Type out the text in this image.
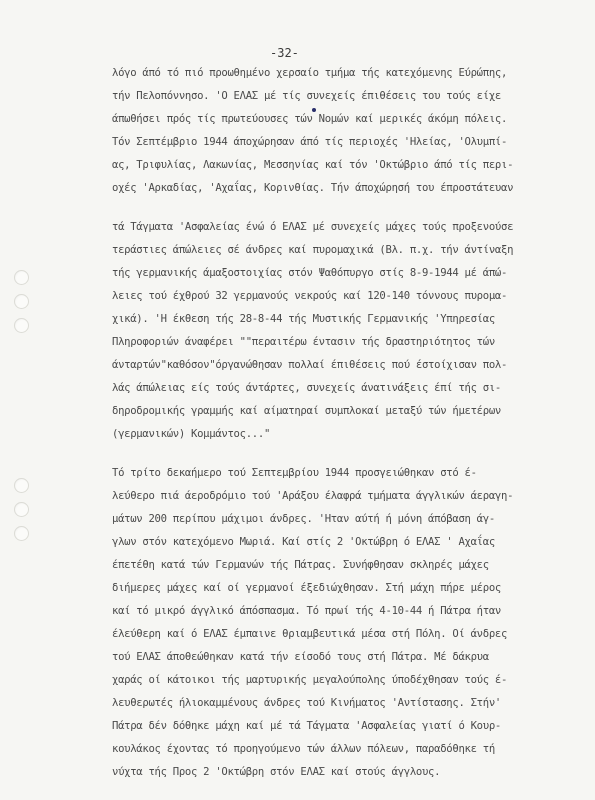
-32-
λόγο άπό τό πιό προωθημένο χερσαίο τμήμα τής κατεχόμενης Εύρώπης,
τήν Πελοπόννησο. 'Ο ΕΛΑΣ μέ τίς συνεχείς έπιθέσεις του τούς είχε
άπωθήσει πρός τίς πρωτεύουσες τών Νομών καί μερικές άκόμη πόλεις.
Τόν Σεπτέμβριο 1944 άποχώρησαν άπό τίς περιοχές 'Ηλείας, 'Ολυμπί-
ας, Τριφυλίας, Λακωνίας, Μεσσηνίας καί τόν 'Οκτώβριο άπό τίς περι-
οχές 'Αρκαδίας, 'Αχαΐας, Κορινθίας. Τήν άποχώρησή του έπροστάτευαν
τά Τάγματα 'Ασφαλείας ένώ ό ΕΛΑΣ μέ συνεχείς μάχες τούς προξενούσε
τεράστιες άπώλειες σέ άνδρες καί πυρομαχικά (Βλ. π.χ. τήν άντίναξη
τής γερμανικής άμαξοστοιχίας στόν Ψαθόπυργο στίς 8-9-1944 μέ άπώ-
λειες τού έχθρού 32 γερμανούς νεκρούς καί 120-140 τόννους πυρομα-
χικά). 'Η έκθεση τής 28-8-44 τής Μυστικής Γερμανικής 'Υπηρεσίας
Πληροφοριών άναφέρει ""περαιτέρω έντασιν τής δραστηριότητος τών
άνταρτών"καθόσον"όργανώθησαν πολλαί έπιθέσεις πού έστοίχισαν πολ-
λάς άπώλειας είς τούς άντάρτες, συνεχείς άνατινάξεις έπί τής σι-
δηροδρομικής γραμμής καί αίματηραί συμπλοκαί μεταξύ τών ήμετέρων
(γερμανικών) Κομμάντος..."
Τό τρίτο δεκαήμερο τού Σεπτεμβρίου 1944 προσγειώθηκαν στό έ-
λεύθερο πιά άεροδρόμιο τού 'Αράξου έλαφρά τμήματα άγγλικών άεραγη-
μάτων 200 περίπου μάχιμοι άνδρες. 'Ηταν αύτή ή μόνη άπόβαση άγ-
γλων στόν κατεχόμενο Μωριά. Καί στίς 2 'Οκτώβρη ό ΕΛΑΣ ' Αχαΐας
έπετέθη κατά τών Γερμανών τής Πάτρας. Συνήφθησαν σκληρές μάχες
διήμερες μάχες καί οί γερμανοί έξεδιώχθησαν. Στή μάχη πήρε μέρος
καί τό μικρό άγγλικό άπόσπασμα. Τό πρωί τής 4-10-44 ή Πάτρα ήταν
έλεύθερη καί ό ΕΛΑΣ έμπαινε θριαμβευτικά μέσα στή Πόλη. Οί άνδρες
τού ΕΛΑΣ άποθεώθηκαν κατά τήν είσοδό τους στή Πάτρα. Μέ δάκρυα
χαράς οί κάτοικοι τής μαρτυρικής μεγαλούπολης ύποδέχθησαν τούς έ-
λευθερωτές ήλιοκαμμένους άνδρες τού Κινήματος 'Αντίστασης. Στήν'
Πάτρα δέν δόθηκε μάχη καί μέ τά Τάγματα 'Ασφαλείας γιατί ό Κουρ-
κουλάκος έχοντας τό προηγούμενο τών άλλων πόλεων, παραδόθηκε τή
νύχτα τής Προς 2 'Οκτώβρη στόν ΕΛΑΣ καί στούς άγγλους.
